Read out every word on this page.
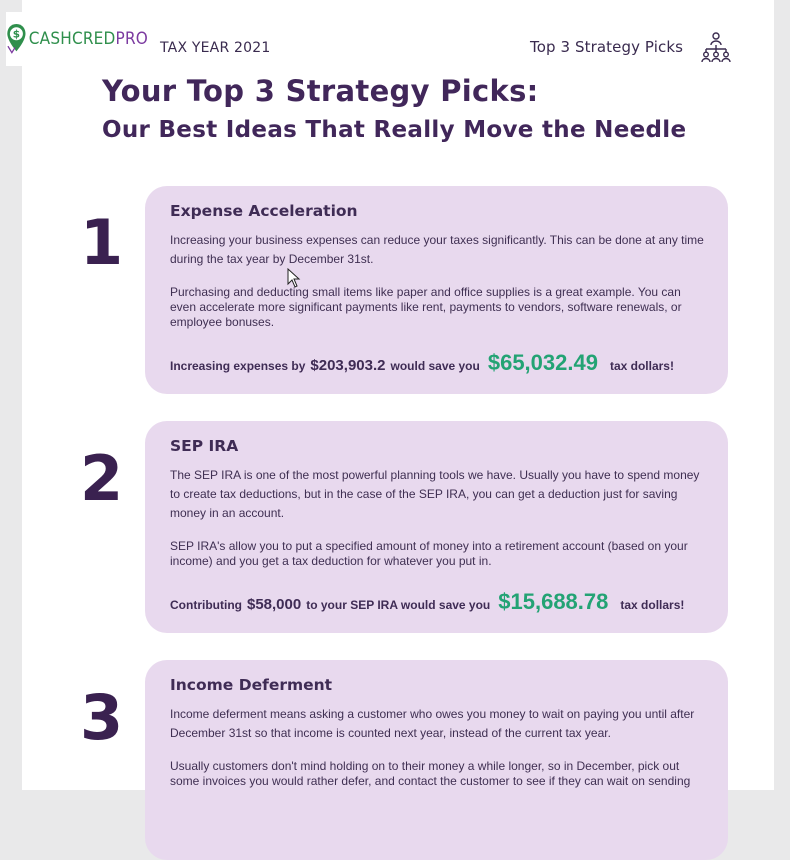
$ CASHCREDPRO TAX YEAR 2021	Top 3 Strategy Picks
Your Top 3 Strategy Picks:
Our Best Ideas That Really Move the Needle
1	Expense Acceleration

Increasing your business expenses can reduce your taxes significantly. This can be done at any time during the tax year by December 31st.

Purchasing and deducting small items like paper and office supplies is a great example. You can even accelerate more significant payments like rent, payments to vendors, software renewals, or employee bonuses.

Increasing expenses by $203,903.2 would save you $65,032.49 tax dollars!
2	SEP IRA

The SEP IRA is one of the most powerful planning tools we have. Usually you have to spend money to create tax deductions, but in the case of the SEP IRA, you can get a deduction just for saving money in an account.

SEP IRA's allow you to put a specified amount of money into a retirement account (based on your income) and you get a tax deduction for whatever you put in.

Contributing $58,000 to your SEP IRA would save you $15,688.78 tax dollars!
3	Income Deferment

Income deferment means asking a customer who owes you money to wait on paying you until after December 31st so that income is counted next year, instead of the current tax year.

Usually customers don't mind holding on to their money a while longer, so in December, pick out some invoices you would rather defer, and contact the customer to see if they can wait on sending
